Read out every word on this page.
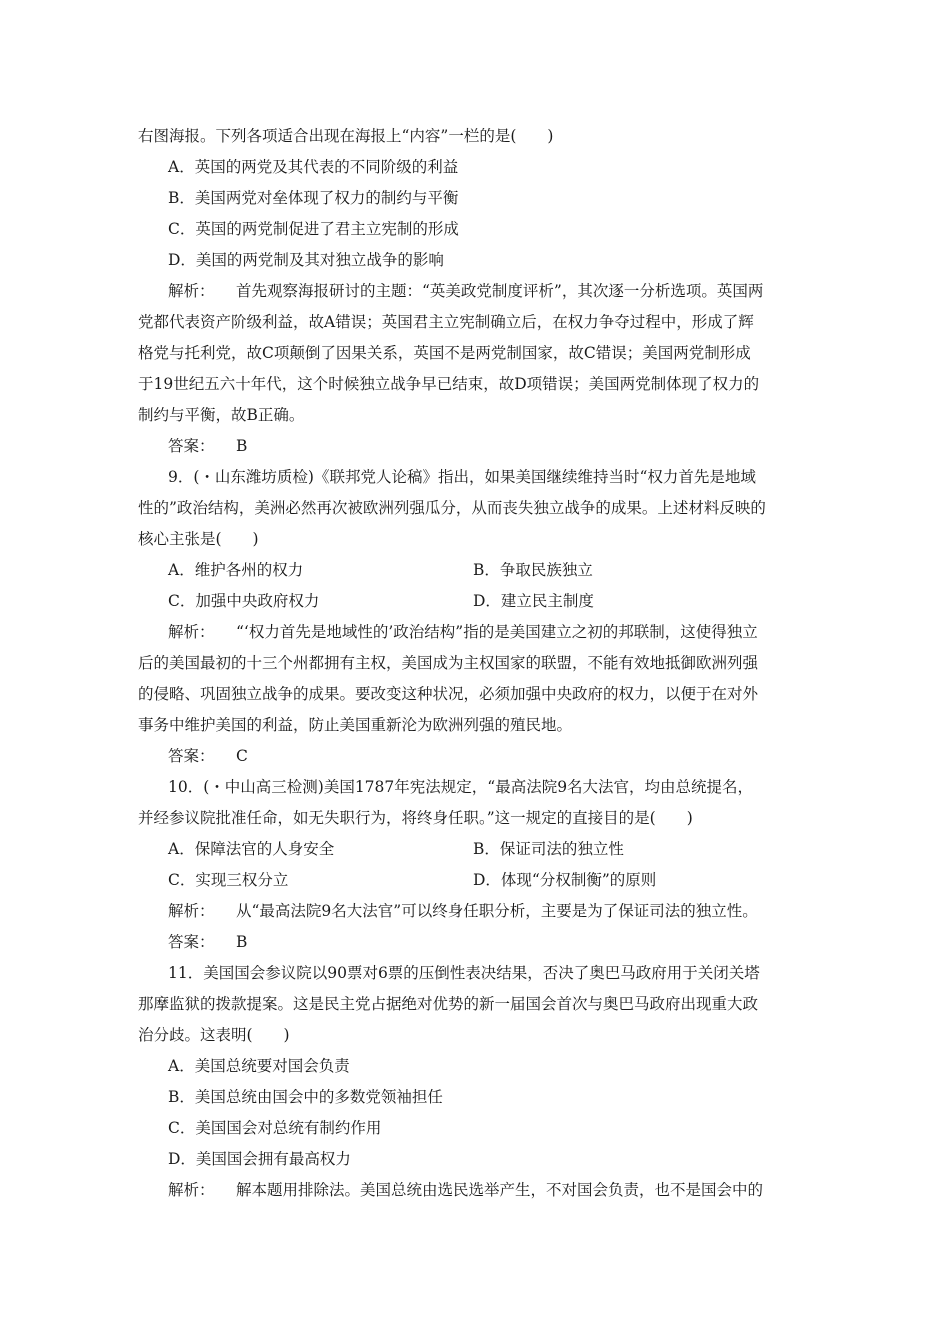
右图海报。下列各项适合出现在海报上“内容”一栏的是(　　)
A．英国的两党及其代表的不同阶级的利益
B．美国两党对垒体现了权力的制约与平衡
C．英国的两党制促进了君主立宪制的形成
D．美国的两党制及其对独立战争的影响
解析： 首先观察海报研讨的主题：“英美政党制度评析”，其次逐一分析选项。英国两
党都代表资产阶级利益，故A错误；英国君主立宪制确立后，在权力争夺过程中，形成了辉
格党与托利党，故C项颠倒了因果关系，英国不是两党制国家，故C错误；美国两党制形成
于19世纪五六十年代，这个时候独立战争早已结束，故D项错误；美国两党制体现了权力的
制约与平衡，故B正确。
答案： B
9．(・山东潍坊质检)《联邦党人论稿》指出，如果美国继续维持当时“权力首先是地域
性的”政治结构，美洲必然再次被欧洲列强瓜分，从而丧失独立战争的成果。上述材料反映的
核心主张是(　　)
A．维护各州的权力	B．争取民族独立
C．加强中央政府权力	D．建立民主制度
解析： “‘权力首先是地域性的’政治结构”指的是美国建立之初的邦联制，这使得独立
后的美国最初的十三个州都拥有主权，美国成为主权国家的联盟，不能有效地抵御欧洲列强
的侵略、巩固独立战争的成果。要改变这种状况，必须加强中央政府的权力，以便于在对外
事务中维护美国的利益，防止美国重新沦为欧洲列强的殖民地。
答案： C
10．(・中山高三检测)美国1787年宪法规定，“最高法院9名大法官，均由总统提名，
并经参议院批准任命，如无失职行为，将终身任职。”这一规定的直接目的是(　　)
A．保障法官的人身安全	B．保证司法的独立性
C．实现三权分立	D．体现“分权制衡”的原则
解析： 从“最高法院9名大法官”可以终身任职分析，主要是为了保证司法的独立性。
答案： B
11．美国国会参议院以90票对6票的压倒性表决结果，否决了奥巴马政府用于关闭关塔
那摩监狱的拨款提案。这是民主党占据绝对优势的新一届国会首次与奥巴马政府出现重大政
治分歧。这表明(　　)
A．美国总统要对国会负责
B．美国总统由国会中的多数党领袖担任
C．美国国会对总统有制约作用
D．美国国会拥有最高权力
解析： 解本题用排除法。美国总统由选民选举产生，不对国会负责，也不是国会中的
